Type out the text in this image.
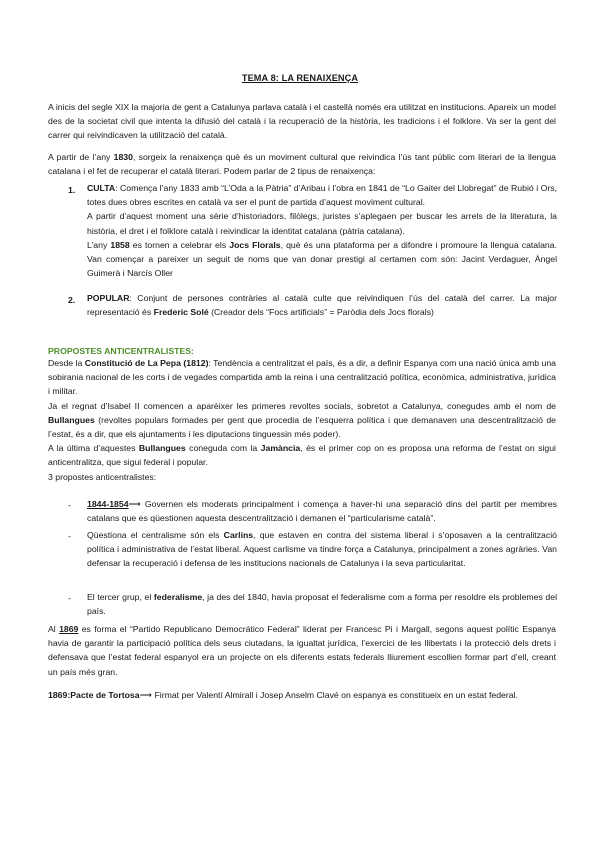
TEMA 8: LA RENAIXENÇA

A inicis del segle XIX la majoria de gent a Catalunya parlava català i el castellà només era utilitzat en institucions. Apareix un model des de la societat civil que intenta la difusió del català i la recuperació de la història, les tradicions i el folklore. Va ser la gent del carrer qui reivindicaven la utilització del català.

A partir de l’any 1830, sorgeix la renaixença què és un moviment cultural que reivindica l’ús tant públic com literari de la llengua catalana i el fet de recuperar el català literari. Podem parlar de 2 tipus de renaixença:

1. CULTA: Comença l’any 1833 amb “L’Oda a la Pàtria” d’Aribau i l’obra en 1841 de “Lo Gaiter del Llobregat” de Rubió i Ors, totes dues obres escrites en català va ser el punt de partida d’aquest moviment cultural.

A partir d’aquest moment una sèrie d’historiadors, filòlegs, juristes s’aplegaen per buscar les arrels de la literatura, la història, el dret i el folklore català i reivindicar la identitat catalana (pàtria catalana).

L’any 1858 es tornen a celebrar els Jocs Florals, què és una plataforma per a difondre i promoure la llengua catalana. Van començar a pareixer un seguit de noms que van donar prestigi al certamen com són: Jacint Verdaguer, Àngel Guimerà i Narcís Oller

2. POPULAR: Conjunt de persones contràries al català culte que reivindiquen l’ús del català del carrer. La major representació és Frederic Solé (Creador dels “Focs artificials” = Paròdia dels Jocs florals)

PROPOSTES ANTICENTRALISTES:

Desde la Constitució de La Pepa (1812): Tendència a centralitzat el país, és a dir, a definir Espanya com una nació única amb una sobirania nacional de les corts i de vegades compartida amb la reina i una centralització política, econòmica, administrativa, jurídica i militar.

Ja el regnat d’Isabel II comencen a aparèixer les primeres revoltes socials, sobretot a Catalunya, conegudes amb el nom de Bullangues (revoltes populars formades per gent que procedia de l’esquerra política i que demanaven una descentralització de l’estat, és a dir, que els ajuntaments i les diputacions tinguessin més poder).

A la última d’aquestes Bullangues coneguda com la Jamància, és el primer cop on es proposa una reforma de l’estat on sigui anticentralitza, que sigui federal i popular.

3 propostes anticentralistes:

- 1844-1854⟶ Governen els moderats principalment i comença a haver-hi una separació dins del partit per membres catalans que es qüestionen aquesta descentralització i demanen el “particularisme català”.

- Qüestiona el centralisme són els Carlins, que estaven en contra del sistema liberal i s’oposaven a la centralització política i administrativa de l’estat liberal. Aquest carlisme va tindre força a Catalunya, principalment a zones agràries. Van defensar la recuperació i defensa de les institucions nacionals de Catalunya i la seva particularitat.

- El tercer grup, el federalisme, ja des del 1840, havia proposat el federalisme com a forma per resoldre els problemes del país.

Al 1869 es forma el “Partido Republicano Democrático Federal” liderat per Francesc Pi i Margall, segons aquest polític Espanya havia de garantir la participació política dels seus ciutadans, la igualtat jurídica, l’exercici de les llibertats i la protecció dels drets i defensava que l’estat federal espanyol era un projecte on els diferents estats federals lliurement escollien formar part d’ell, creant un país més gran.

1869:Pacte de Tortosa⟶ Firmat per Valentí Almirall i Josep Anselm Clavé on espanya es constitueix en un estat federal.
